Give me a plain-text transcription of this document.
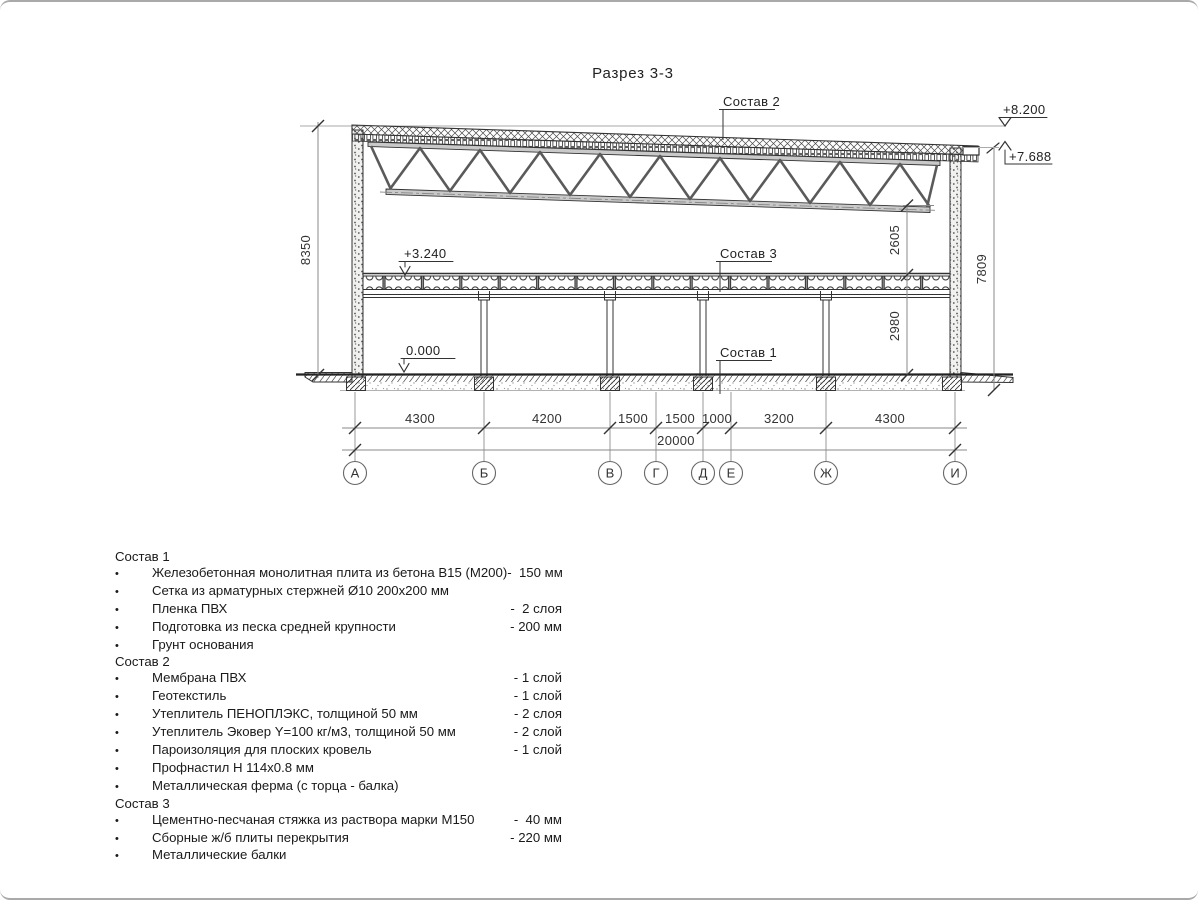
Разрез 3-3
Состав 2
Состав 3
Состав 1
+8.200
+7.688
+3.240
0.000
8350	2605
2980
7809
4300	4200	1500 1500 1000 3200	4300
20000
А	Б	В	Г	Д Е	Ж	И
Состав 1
•	Железобетонная монолитная плита из бетона В15 (М200) -  150 мм
•	Сетка из арматурных стержней Ø10 200х200 мм
•	Пленка ПВХ	-  2 слоя
•	Подготовка из песка средней крупности	- 200 мм
•	Грунт основания
Состав 2
•	Мембрана ПВХ	- 1 слой
•	Геотекстиль	- 1 слой
•	Утеплитель ПЕНОПЛЭКС, толщиной 50 мм	- 2 слоя
•	Утеплитель Эковер Y=100 кг/м3, толщиной 50 мм	- 2 слой
•	Пароизоляция для плоских кровель	- 1 слой
•	Профнастил Н 114х0.8 мм
•	Металлическая ферма (с торца - балка)
Состав 3
•	Цементно-песчаная стяжка из раствора марки М150	-  40 мм
•	Сборные ж/б плиты перекрытия	- 220 мм
•	Металлические балки
